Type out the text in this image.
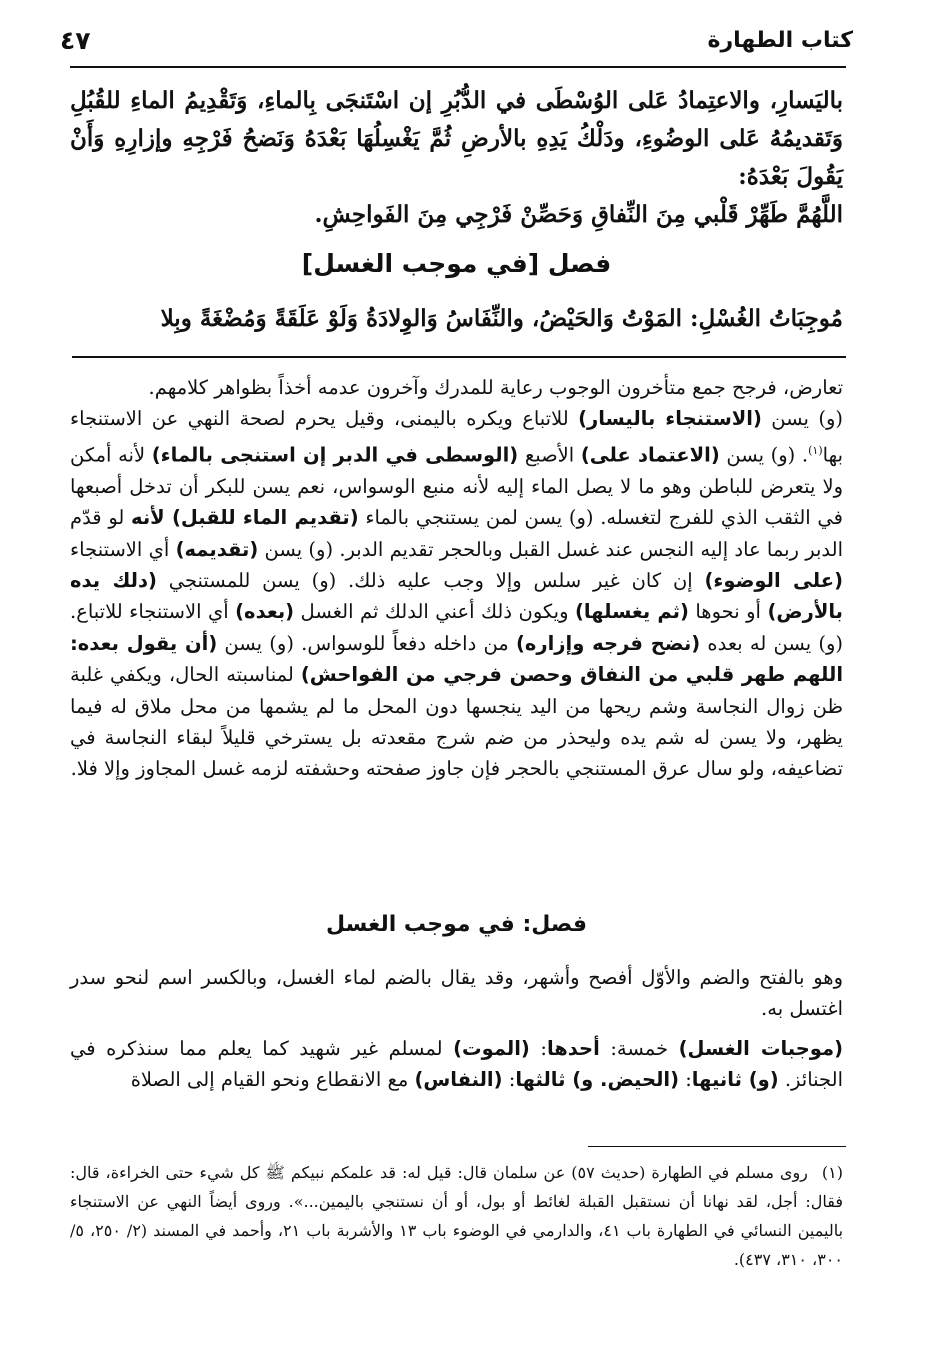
كتاب الطهارة
٤٧

باليَسارِ، والاعتِمادُ عَلى الوُسْطَى في الدُّبُرِ إن اسْتَنجَى بِالماءِ، وَتَقْدِيمُ الماءِ للقُبُلِ وَتَقديمُهُ عَلى الوضُوءِ، ودَلْكُ يَدِهِ بالأرضِ ثُمَّ يَغْسِلُهَا بَعْدَهُ وَنَضحُ فَرْجِهِ وإزارِهِ وَأَنْ يَقُولَ بَعْدَهُ:

اللَّهُمَّ طَهِّرْ قَلْبي مِنَ النِّفاقِ وَحَصِّنْ فَرْجِي مِنَ الفَواحِشِ.

فصل [في موجب الغسل]
مُوجِبَاتُ الغُسْلِ: المَوْتُ وَالحَيْضُ، والنِّفَاسُ وَالوِلادَةُ وَلَوْ عَلَقَةً وَمُضْغَةً وبِلا

تعارض، فرجح جمع متأخرون الوجوب رعاية للمدرك وآخرون عدمه أخذاً بظواهر كلامهم.

(و) يسن (الاستنجاء باليسار) للاتباع ويكره باليمنى، وقيل يحرم لصحة النهي عن الاستنجاء بها$^{(١)}$. (و) يسن (الاعتماد على) الأصبع (الوسطى في الدبر إن استنجى بالماء) لأنه أمكن ولا يتعرض للباطن وهو ما لا يصل الماء إليه لأنه منبع الوسواس، نعم يسن للبكر أن تدخل أصبعها في الثقب الذي للفرج لتغسله. (و) يسن لمن يستنجي بالماء (تقديم الماء للقبل) لأنه لو قدّم الدبر ربما عاد إليه النجس عند غسل القبل وبالحجر تقديم الدبر. (و) يسن (تقديمه) أي الاستنجاء (على الوضوء) إن كان غير سلس وإلا وجب عليه ذلك. (و) يسن للمستنجي (دلك يده بالأرض) أو نحوها (ثم يغسلها) ويكون ذلك أعني الدلك ثم الغسل (بعده) أي الاستنجاء للاتباع. (و) يسن له بعده (نضح فرجه وإزاره) من داخله دفعاً للوسواس. (و) يسن (أن يقول بعده: اللهم طهر قلبي من النفاق وحصن فرجي من الفواحش) لمناسبته الحال، ويكفي غلبة ظن زوال النجاسة وشم ريحها من اليد ينجسها دون المحل ما لم يشمها من محل ملاق له فيما يظهر، ولا يسن له شم يده وليحذر من ضم شرج مقعدته بل يسترخي قليلاً لبقاء النجاسة في تضاعيفه، ولو سال عرق المستنجي بالحجر فإن جاوز صفحته وحشفته لزمه غسل المجاوز وإلا فلا.

فصل: في موجب الغسل

وهو بالفتح والضم والأوّل أفصح وأشهر، وقد يقال بالضم لماء الغسل، وبالكسر اسم لنحو سدر اغتسل به.

(موجبات الغسل) خمسة: أحدها: (الموت) لمسلم غير شهيد كما يعلم مما سنذكره في الجنائز. (و) ثانيها: (الحيض. و) ثالثها: (النفاس) مع الانقطاع ونحو القيام إلى الصلاة

(١)روى مسلم في الطهارة (حديث ٥٧) عن سلمان قال: قيل له: قد علمكم نبيكم ﷺ كل شيء حتى الخراءة، قال: فقال: أجل، لقد نهانا أن نستقبل القبلة لغائط أو بول، أو أن نستنجي باليمين...». وروى أيضاً النهي عن الاستنجاء باليمين النسائي في الطهارة باب ٤١، والدارمي في الوضوء باب ١٣ والأشربة باب ٢١، وأحمد في المسند (٢/ ٢٥٠، ٥/ ٣٠٠، ٣١٠، ٤٣٧).
